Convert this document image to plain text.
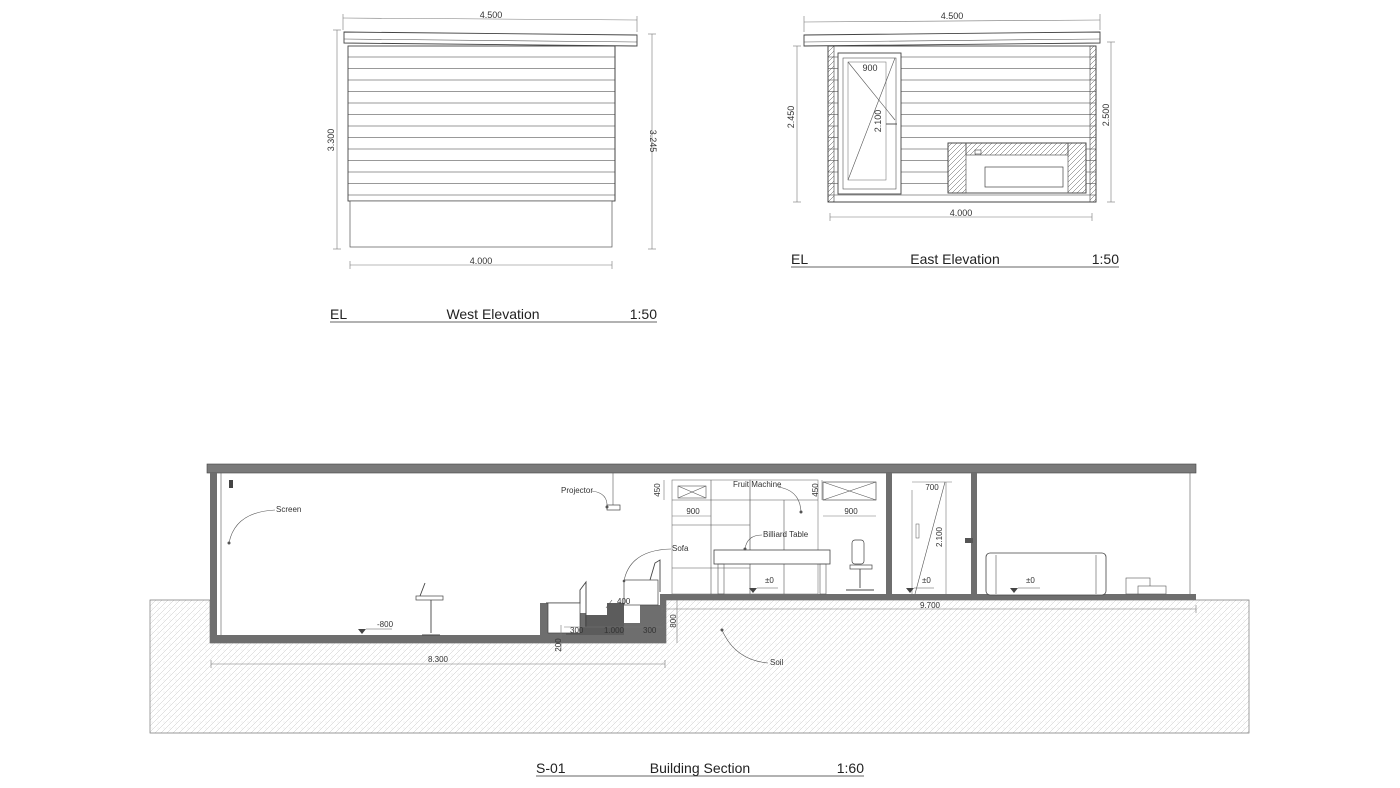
4.500
3.300	3.245
4.000
EL	West Elevation	1:50
4.500
900
2.100
2.450	2.500
4.000
EL	East Elevation	1:50
Screen
Projector
-800
Sofa
400
300	1.000 300
200
800
450	450
900	900
Fruit Machine
Billiard Table
±0
700
2.100
±0	±0
Soil
8.300
9.700
S-01	Building Section	1:60
